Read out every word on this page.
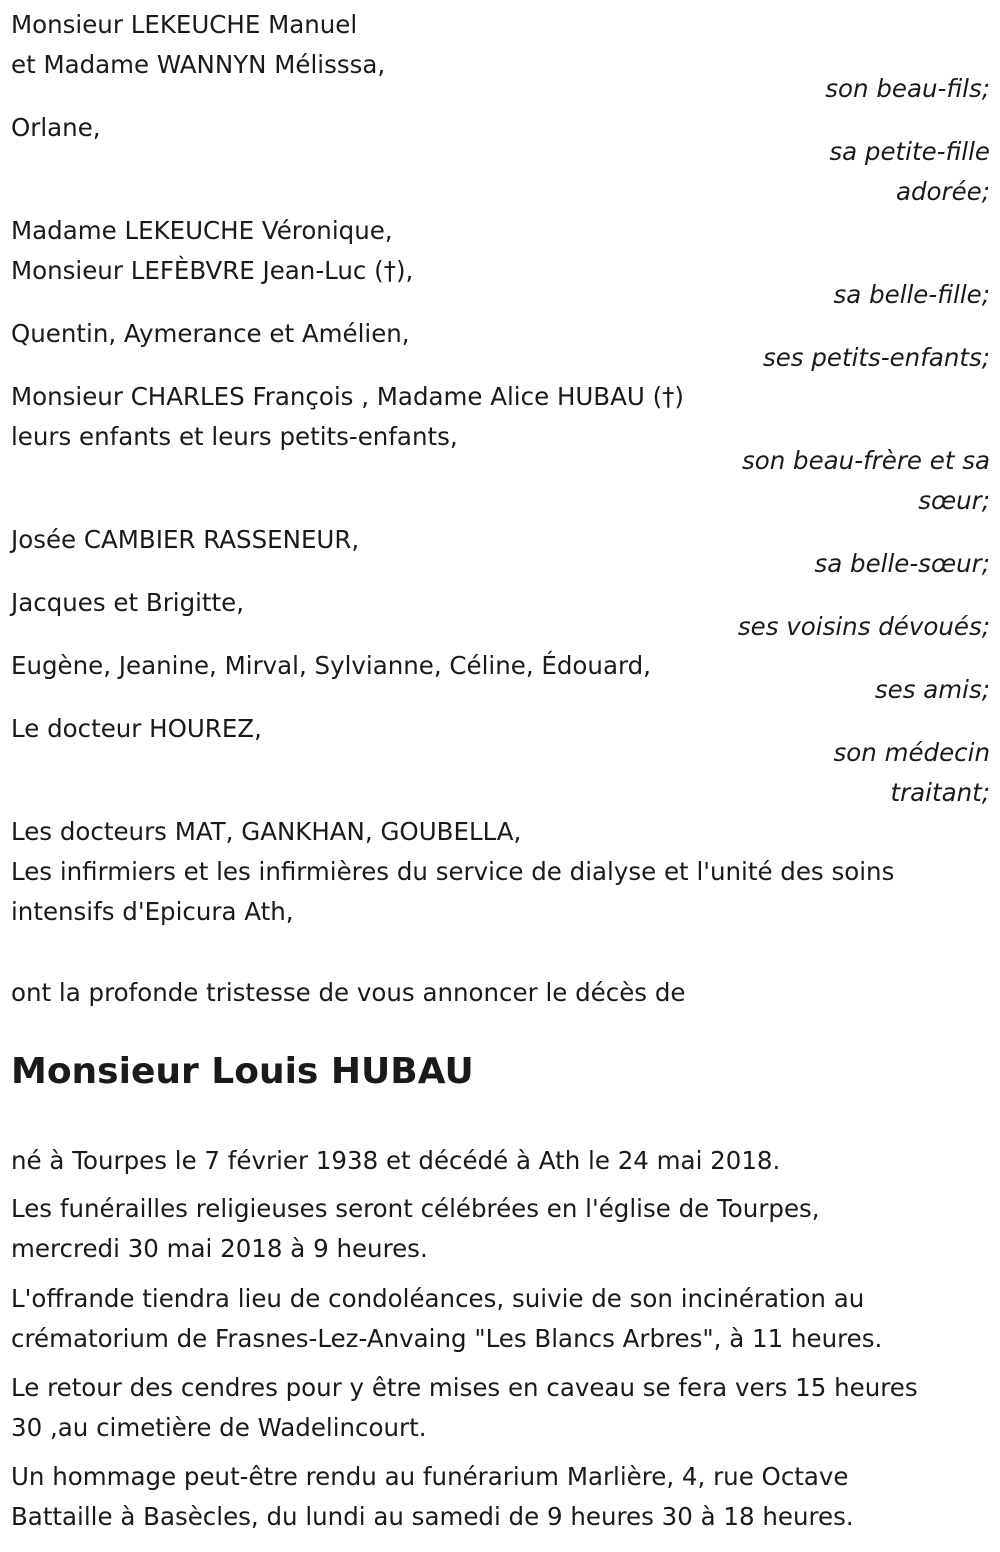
Monsieur LEKEUCHE Manuel
et Madame WANNYN Mélisssa,
son beau-fils;
Orlane,
sa petite-fille
adorée;
Madame LEKEUCHE Véronique,
Monsieur LEFÈBVRE Jean-Luc (†),
sa belle-fille;
Quentin, Aymerance et Amélien,
ses petits-enfants;
Monsieur CHARLES François , Madame Alice HUBAU (†)
leurs enfants et leurs petits-enfants,
son beau-frère et sa
sœur;
Josée CAMBIER RASSENEUR,
sa belle-sœur;
Jacques et Brigitte,
ses voisins dévoués;
Eugène, Jeanine, Mirval, Sylvianne, Céline, Édouard,
ses amis;
Le docteur HOUREZ,
son médecin
traitant;
Les docteurs MAT, GANKHAN, GOUBELLA,
Les infirmiers et les infirmières du service de dialyse et l'unité des soins
intensifs d'Epicura Ath,
ont la profonde tristesse de vous annoncer le décès de
Monsieur Louis HUBAU
né à Tourpes le 7 février 1938 et décédé à Ath le 24 mai 2018.
Les funérailles religieuses seront célébrées en l'église de Tourpes,
mercredi 30 mai 2018 à 9 heures.
L'offrande tiendra lieu de condoléances, suivie de son incinération au
crématorium de Frasnes-Lez-Anvaing "Les Blancs Arbres", à 11 heures.
Le retour des cendres pour y être mises en caveau se fera vers 15 heures
30 ,au cimetière de Wadelincourt.
Un hommage peut-être rendu au funérarium Marlière, 4, rue Octave
Battaille à Basècles, du lundi au samedi de 9 heures 30 à 18 heures.
